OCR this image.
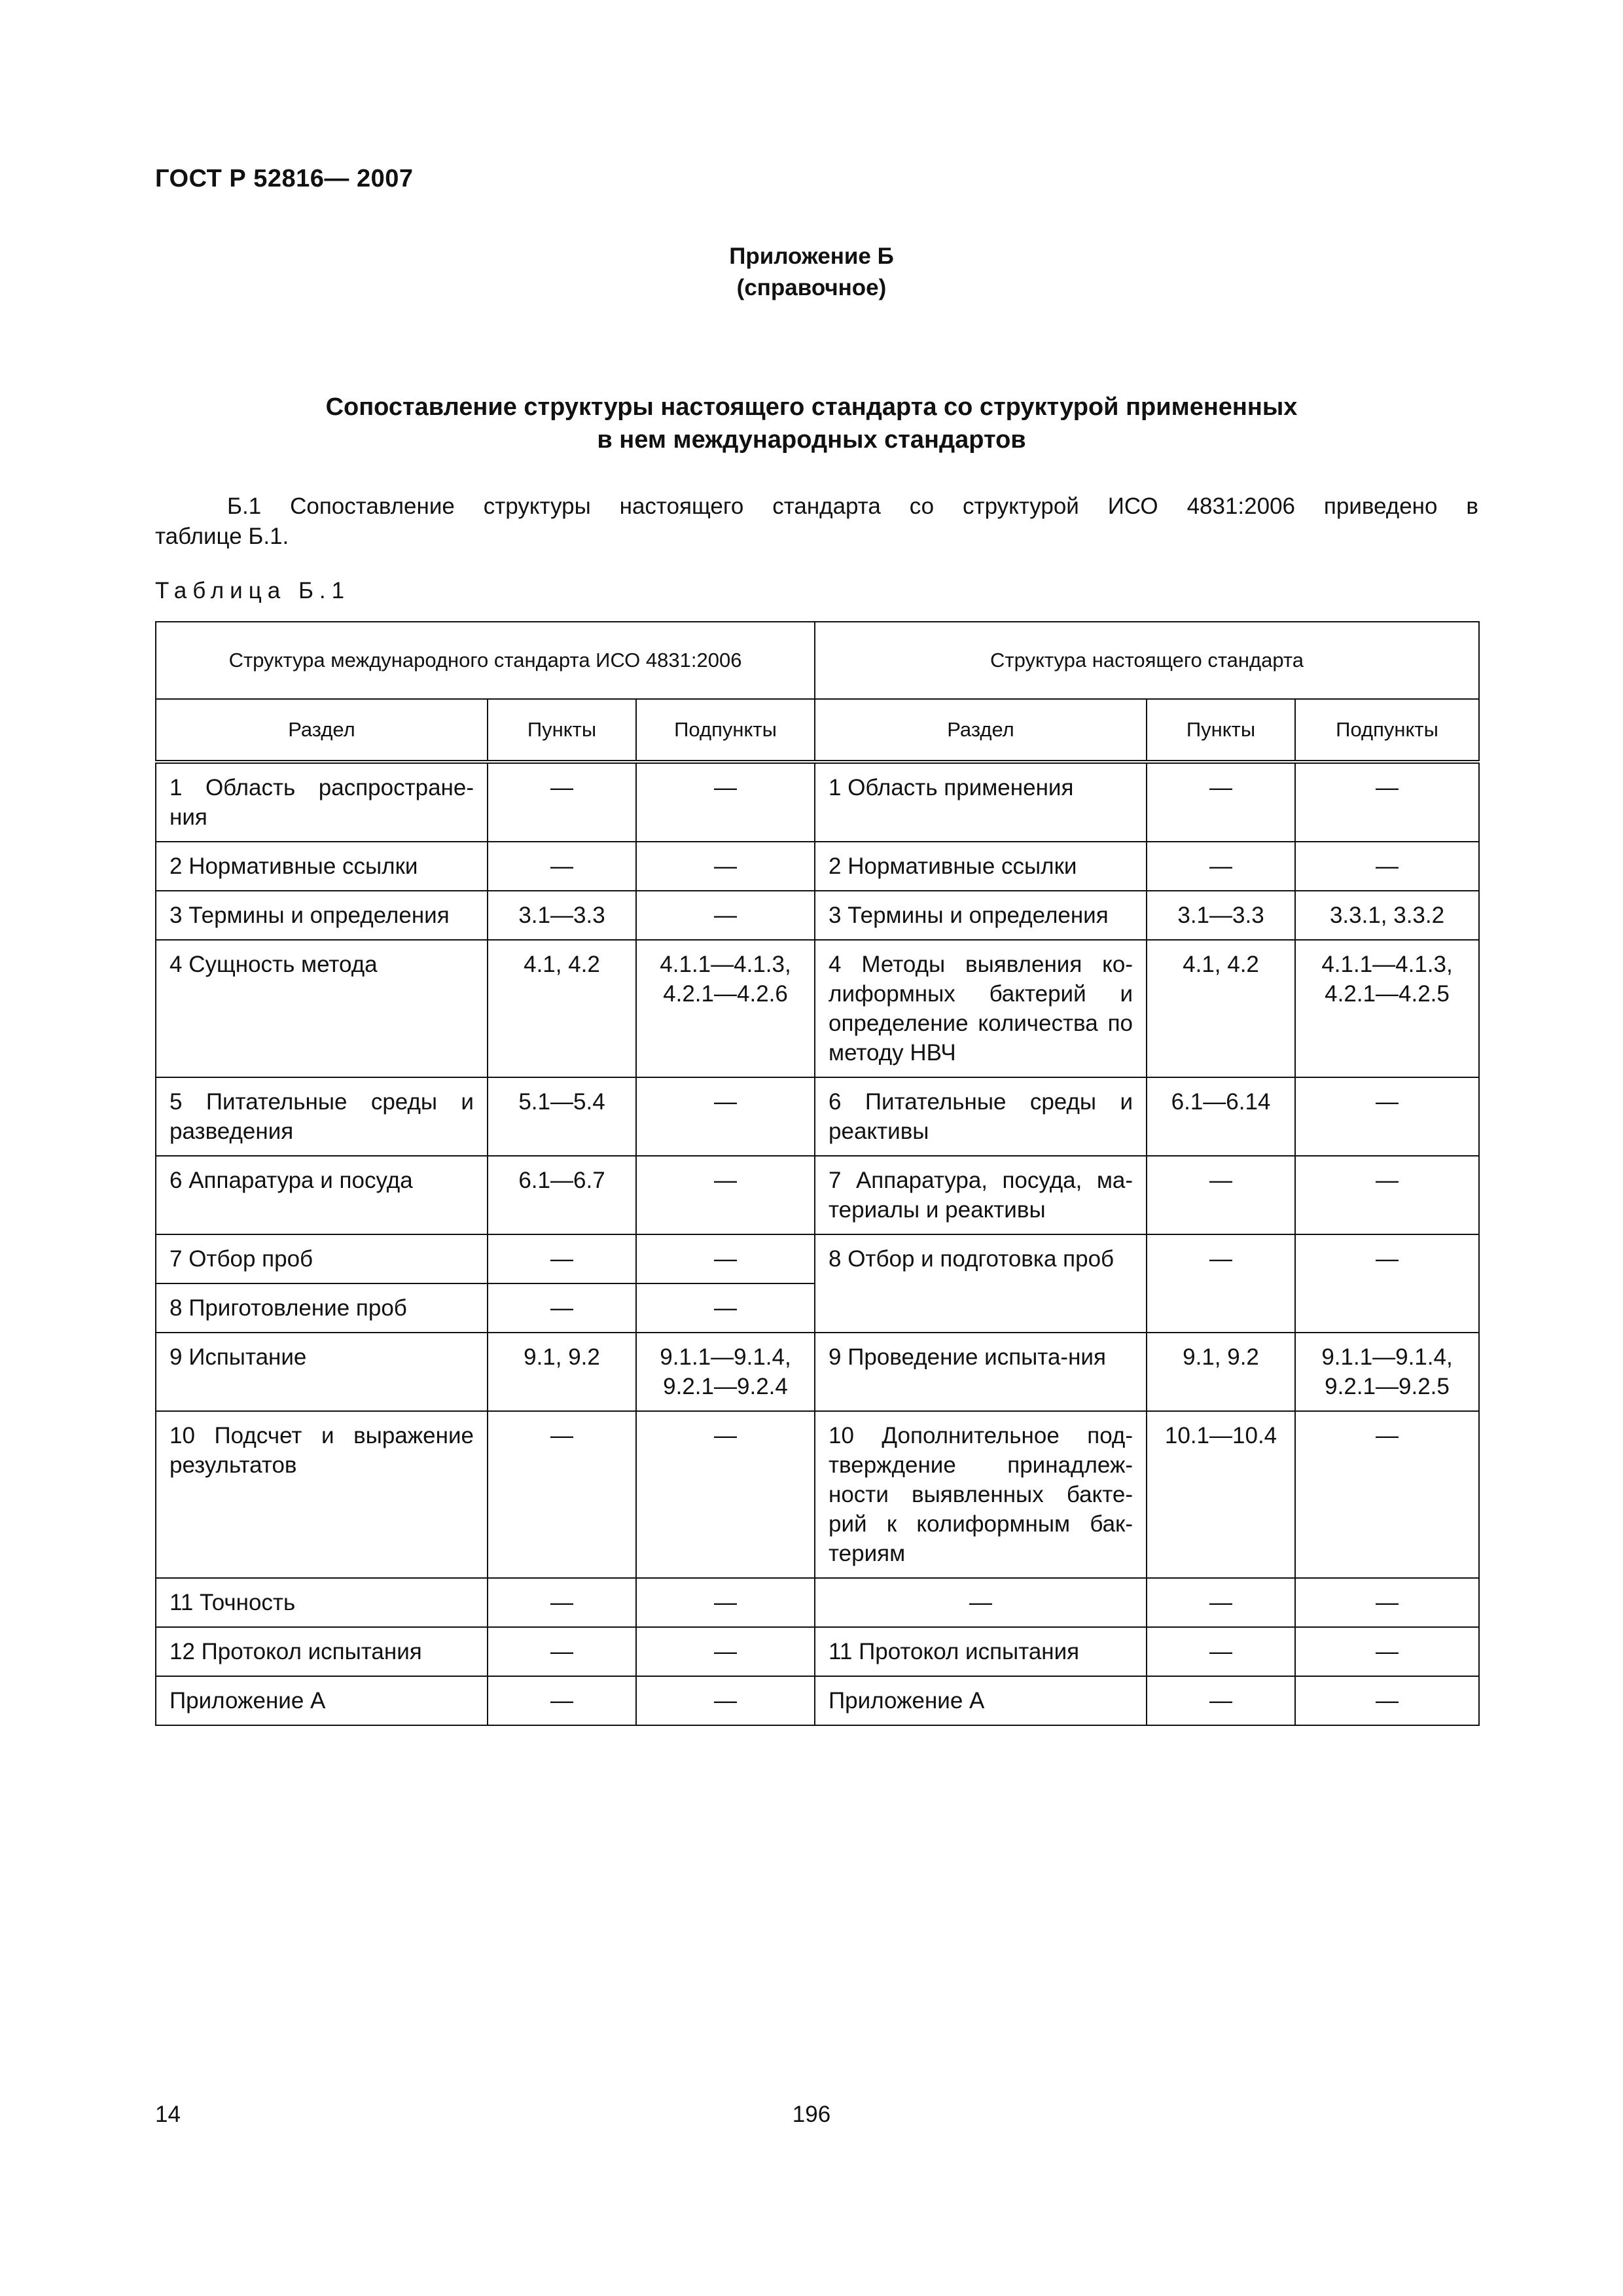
ГОСТ Р 52816— 2007
Приложение Б
(справочное)
Сопоставление структуры настоящего стандарта со структурой примененных
в нем международных стандартов
Б.1 Сопоставление структуры настоящего стандарта со структурой ИСО 4831:2006 приведено в
таблице Б.1.
Таблица Б.1
Структура международного стандарта ИСО 4831:2006			Структура настоящего стандарта		
Раздел	Пункты	Подпункты	Раздел	Пункты	Подпункты
1 Область распростране-ния	—	—	1 Область применения	—	—
2 Нормативные ссылки	—	—	2 Нормативные ссылки	—	—
3 Термины и определения	3.1—3.3	—	3 Термины и определения	3.1—3.3	3.3.1, 3.3.2
4 Сущность метода	4.1, 4.2	4.1.1—4.1.3, 4.2.1—4.2.6	4 Методы выявления ко-лиформных бактерий и определение количества по методу НВЧ	4.1, 4.2	4.1.1—4.1.3, 4.2.1—4.2.5
5 Питательные среды и разведения	5.1—5.4	—	6 Питательные среды и реактивы	6.1—6.14	—
6 Аппаратура и посуда	6.1—6.7	—	7 Аппаратура, посуда, ма-териалы и реактивы	—	—
7 Отбор проб	—	—	8 Отбор и подготовка проб	—	—
8 Приготовление проб	—	—			
9 Испытание	9.1, 9.2	9.1.1—9.1.4, 9.2.1—9.2.4	9 Проведение испыта-ния	9.1, 9.2	9.1.1—9.1.4, 9.2.1—9.2.5
10 Подсчет и выражение результатов	—	—	10 Дополнительное под-тверждение принадлеж-ности выявленных бакте-рий к колиформным бак-териям	10.1—10.4	—
11 Точность	—	—	—	—	—
12 Протокол испытания	—	—	11 Протокол испытания	—	—
Приложение А	—	—	Приложение А	—	—
14	196
